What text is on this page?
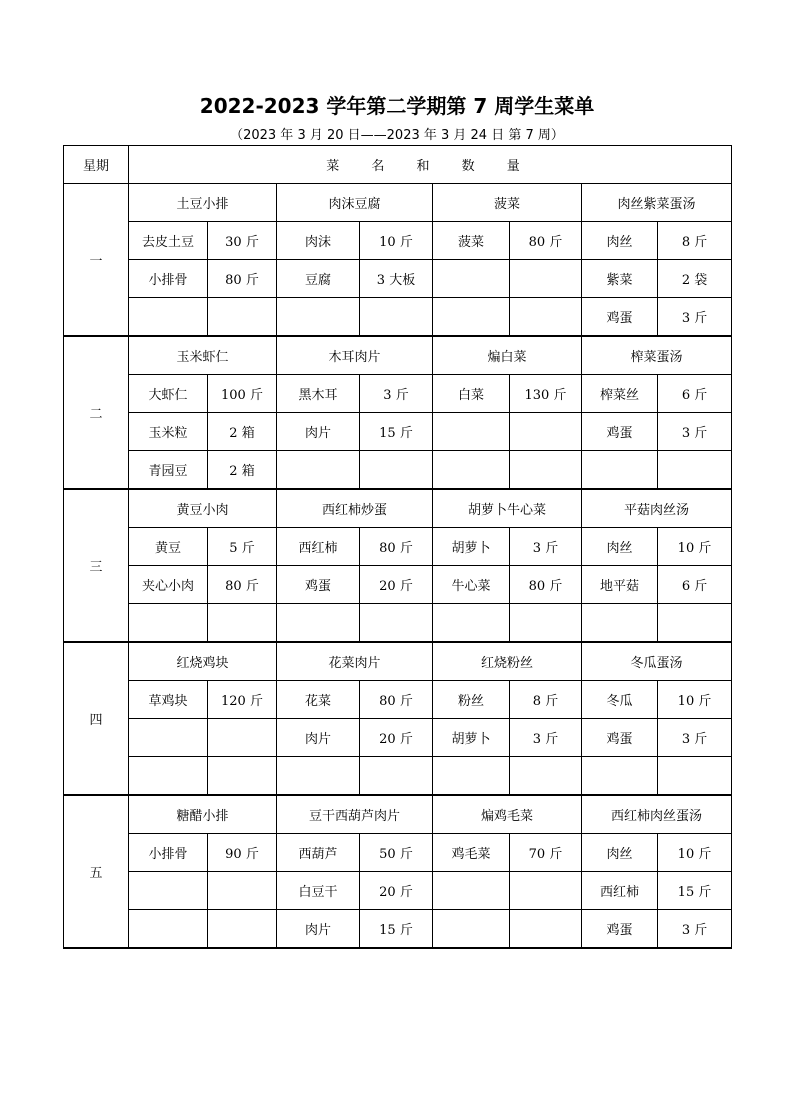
2022-2023 学年第二学期第 7 周学生菜单
（2023 年 3 月 20 日——2023 年 3 月 24 日 第 7 周）
星期	菜 名 和 数 量							
一	土豆小排		肉沫豆腐		菠菜		肉丝紫菜蛋汤	
	去皮土豆	30 斤	肉沫	10 斤	菠菜	80 斤	肉丝	8 斤
	小排骨	80 斤	豆腐	3 大板			紫菜	2 袋
							鸡蛋	3 斤
二	玉米虾仁		木耳肉片		煸白菜		榨菜蛋汤	
	大虾仁	100 斤	黑木耳	3 斤	白菜	130 斤	榨菜丝	6 斤
	玉米粒	2 箱	肉片	15 斤			鸡蛋	3 斤
	青园豆	2 箱						
三	黄豆小肉		西红柿炒蛋		胡萝卜牛心菜		平菇肉丝汤	
	黄豆	5 斤	西红柿	80 斤	胡萝卜	3 斤	肉丝	10 斤
	夹心小肉	80 斤	鸡蛋	20 斤	牛心菜	80 斤	地平菇	6 斤

四	红烧鸡块		花菜肉片		红烧粉丝		冬瓜蛋汤	
	草鸡块	120 斤	花菜	80 斤	粉丝	8 斤	冬瓜	10 斤
			肉片	20 斤	胡萝卜	3 斤	鸡蛋	3 斤

五	糖醋小排		豆干西葫芦肉片		煸鸡毛菜		西红柿肉丝蛋汤	
	小排骨	90 斤	西葫芦	50 斤	鸡毛菜	70 斤	肉丝	10 斤
			白豆干	20 斤			西红柿	15 斤
			肉片	15 斤			鸡蛋	3 斤
